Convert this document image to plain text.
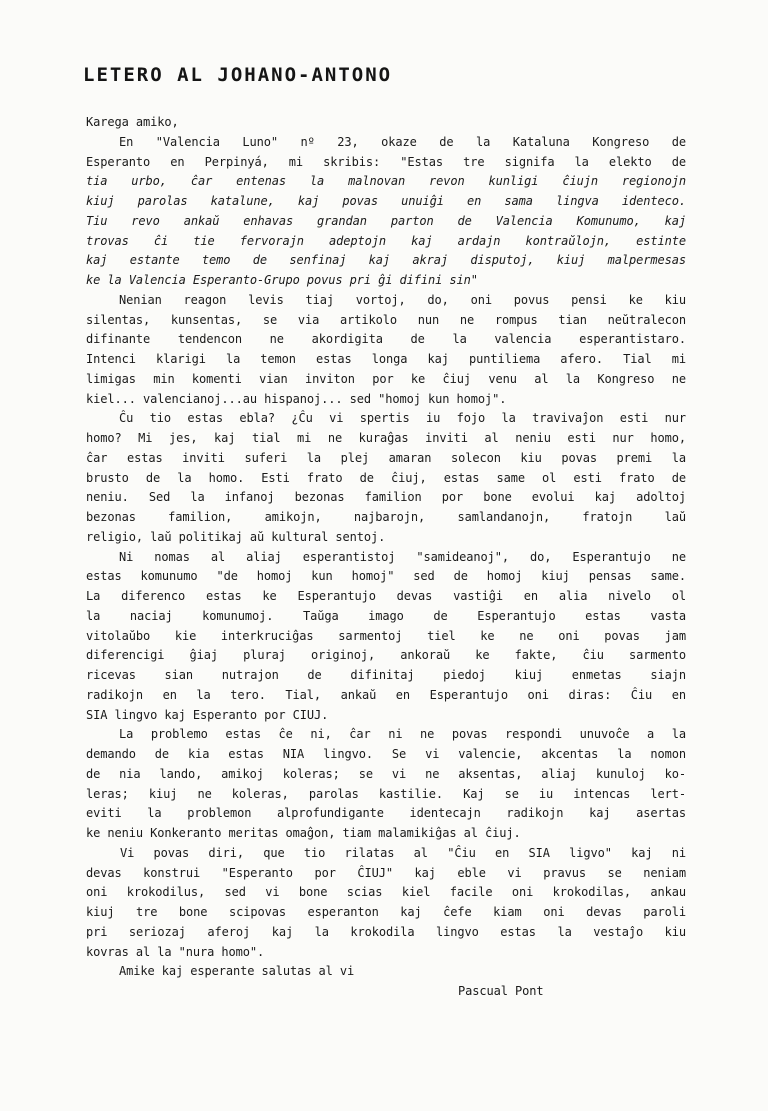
LETERO AL JOHANO-ANTONO
Karega amiko,
En "Valencia Luno" nº 23, okaze de la Kataluna Kongreso de
Esperanto en Perpinyá, mi skribis: "Estas tre signifa la elekto de
tia urbo, ĉar entenas la malnovan revon kunligi ĉiujn regionojn
kiuj parolas katalune, kaj povas unuiĝi en sama lingva identeco.
Tiu revo ankaŭ enhavas grandan parton de Valencia Komunumo, kaj
trovas ĉi tie fervorajn adeptojn kaj ardajn kontraŭlojn, estinte
kaj estante temo de senfinaj kaj akraj disputoj, kiuj malpermesas
ke la Valencia Esperanto-Grupo povus pri ĝi difini sin"
Nenian reagon levis tiaj vortoj, do, oni povus pensi ke kiu
silentas, kunsentas, se via artikolo nun ne rompus tian neŭtralecon
difinante tendencon ne akordigita de la valencia esperantistaro.
Intenci klarigi la temon estas longa kaj puntiliema afero. Tial mi
limigas min komenti vian inviton por ke ĉiuj venu al la Kongreso ne
kiel... valencianoj...au hispanoj... sed "homoj kun homoj".
Ĉu tio estas ebla? ¿Ĉu vi spertis iu fojo la travivaĵon esti nur
homo? Mi jes, kaj tial mi ne kuraĝas inviti al neniu esti nur homo,
ĉar estas inviti suferi la plej amaran solecon kiu povas premi la
brusto de la homo. Esti frato de ĉiuj, estas same ol esti frato de
neniu. Sed la infanoj bezonas familion por bone evolui kaj adoltoj
bezonas familion, amikojn, najbarojn, samlandanojn, fratojn laŭ
religio, laŭ politikaj aŭ kultural sentoj.
Ni nomas al aliaj esperantistoj "samideanoj", do, Esperantujo ne
estas komunumo "de homoj kun homoj" sed de homoj kiuj pensas same.
La diferenco estas ke Esperantujo devas vastiĝi en alia nivelo ol
la naciaj komunumoj. Taŭga imago de Esperantujo estas vasta
vitolaŭbo kie interkruciĝas sarmentoj tiel ke ne oni povas jam
diferencigi ĝiaj pluraj originoj, ankoraŭ ke fakte, ĉiu sarmento
ricevas sian nutrajon de difinitaj piedoj kiuj enmetas siajn
radikojn en la tero. Tial, ankaŭ en Esperantujo oni diras: Ĉiu en
SIA lingvo kaj Esperanto por CIUJ.
La problemo estas ĉe ni, ĉar ni ne povas respondi unuvoĉe a la
demando de kia estas NIA lingvo. Se vi valencie, akcentas la nomon
de nia lando, amikoj koleras; se vi ne aksentas, aliaj kunuloj ko-
leras; kiuj ne koleras, parolas kastilie. Kaj se iu intencas lert-
eviti la problemon alprofundigante identecajn radikojn kaj asertas
ke neniu Konkeranto meritas omaĝon, tiam malamikiĝas al ĉiuj.
Vi povas diri, que tio rilatas al "Ĉiu en SIA ligvo" kaj ni
devas konstrui "Esperanto por ĈIUJ" kaj eble vi pravus se neniam
oni krokodilus, sed vi bone scias kiel facile oni krokodilas, ankau
kiuj tre bone scipovas esperanton kaj ĉefe kiam oni devas paroli
pri seriozaj aferoj kaj la krokodila lingvo estas la vestaĵo kiu
kovras al la "nura homo".
Amike kaj esperante salutas al vi
Pascual Pont
